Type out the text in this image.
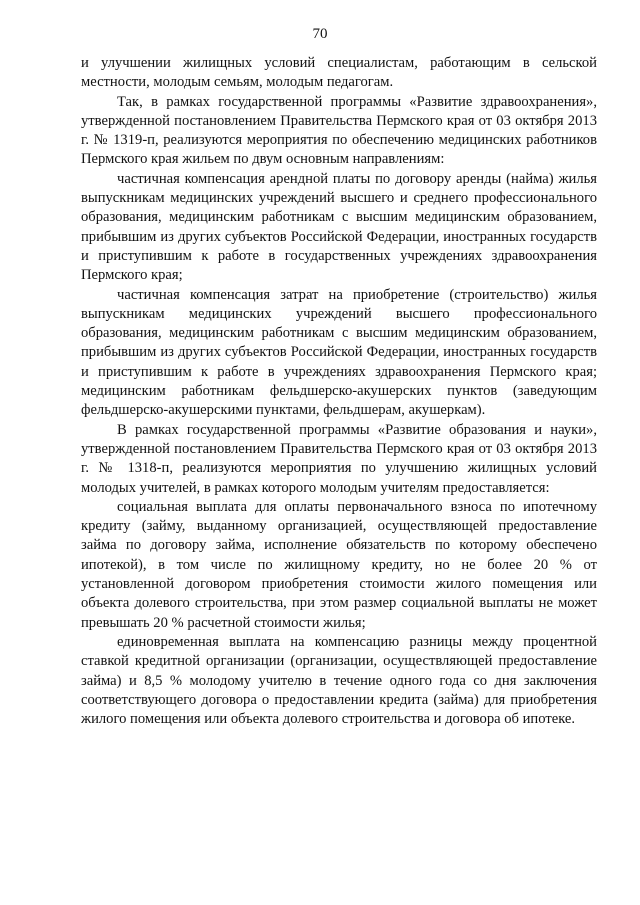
70

и улучшении жилищных условий специалистам, работающим в сельской местности, молодым семьям, молодым педагогам.

Так, в рамках государственной программы «Развитие здравоохранения», утвержденной постановлением Правительства Пермского края от 03 октября 2013 г. № 1319-п, реализуются мероприятия по обеспечению медицинских работников Пермского края жильем по двум основным направлениям:

частичная компенсация арендной платы по договору аренды (найма) жилья выпускникам медицинских учреждений высшего и среднего профессионального образования, медицинским работникам с высшим медицинским образованием, прибывшим из других субъектов Российской Федерации, иностранных государств и приступившим к работе в государственных учреждениях здравоохранения Пермского края;

частичная компенсация затрат на приобретение (строительство) жилья выпускникам медицинских учреждений высшего профессионального образования, медицинским работникам с высшим медицинским образованием, прибывшим из других субъектов Российской Федерации, иностранных государств и приступившим к работе в учреждениях здравоохранения Пермского края; медицинским работникам фельдшерско-акушерских пунктов (заведующим фельдшерско-акушерскими пунктами, фельдшерам, акушеркам).

В рамках государственной программы «Развитие образования и науки», утвержденной постановлением Правительства Пермского края от 03 октября 2013 г. № 1318-п, реализуются мероприятия по улучшению жилищных условий молодых учителей, в рамках которого молодым учителям предоставляется:

социальная выплата для оплаты первоначального взноса по ипотечному кредиту (займу, выданному организацией, осуществляющей предоставление займа по договору займа, исполнение обязательств по которому обеспечено ипотекой), в том числе по жилищному кредиту, но не более 20 % от установленной договором приобретения стоимости жилого помещения или объекта долевого строительства, при этом размер социальной выплаты не может превышать 20 % расчетной стоимости жилья;

единовременная выплата на компенсацию разницы между процентной ставкой кредитной организации (организации, осуществляющей предоставление займа) и 8,5 % молодому учителю в течение одного года со дня заключения соответствующего договора о предоставлении кредита (займа) для приобретения жилого помещения или объекта долевого строительства и договора об ипотеке.
